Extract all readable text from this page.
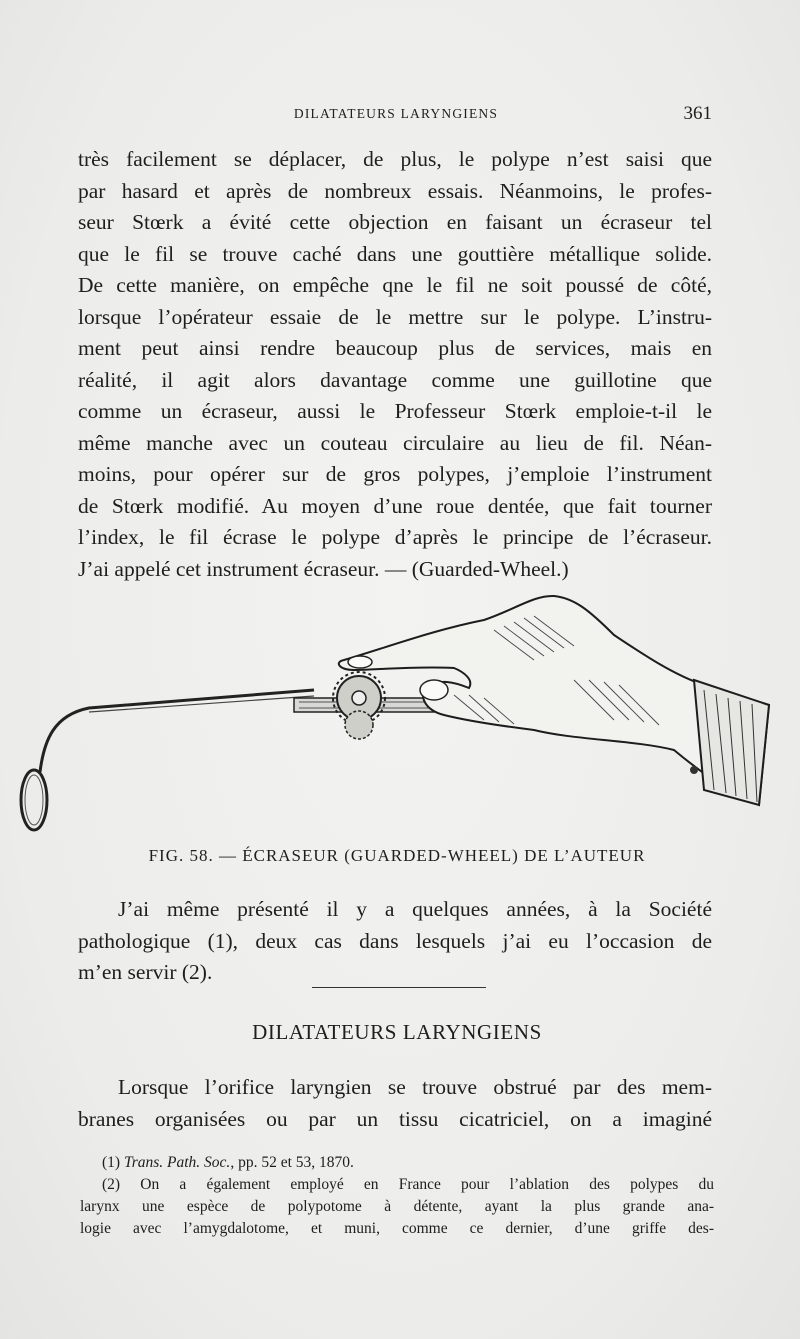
DILATATEURS LARYNGIENS	361

très facilement se déplacer, de plus, le polype n’est saisi que
par hasard et après de nombreux essais. Néanmoins, le profes-
seur Stœrk a évité cette objection en faisant un écraseur tel
que le fil se trouve caché dans une gouttière métallique solide.
De cette manière, on empêche qne le fil ne soit poussé de côté,
lorsque l’opérateur essaie de le mettre sur le polype. L’instru-
ment peut ainsi rendre beaucoup plus de services, mais en
réalité, il agit alors davantage comme une guillotine que
comme un écraseur, aussi le Professeur Stœrk emploie-t-il le
même manche avec un couteau circulaire au lieu de fil. Néan-
moins, pour opérer sur de gros polypes, j’emploie l’instrument
de Stœrk modifié. Au moyen d’une roue dentée, que fait tourner
l’index, le fil écrase le polype d’après le principe de l’écraseur.
J’ai appelé cet instrument écraseur. — (Guarded-Wheel.)

FIG. 58. — ÉCRASEUR (GUARDED-WHEEL) DE L’AUTEUR

J’ai même présenté il y a quelques années, à la Société
pathologique (1), deux cas dans lesquels j’ai eu l’occasion de
m’en servir (2).

DILATATEURS LARYNGIENS

Lorsque l’orifice laryngien se trouve obstrué par des mem-
branes organisées ou par un tissu cicatriciel, on a imaginé

(1) Trans. Path. Soc., pp. 52 et 53, 1870.
(2) On a également employé en France pour l’ablation des polypes du
larynx une espèce de polypotome à détente, ayant la plus grande ana-
logie avec l’amygdalotome, et muni, comme ce dernier, d’une griffe des-
